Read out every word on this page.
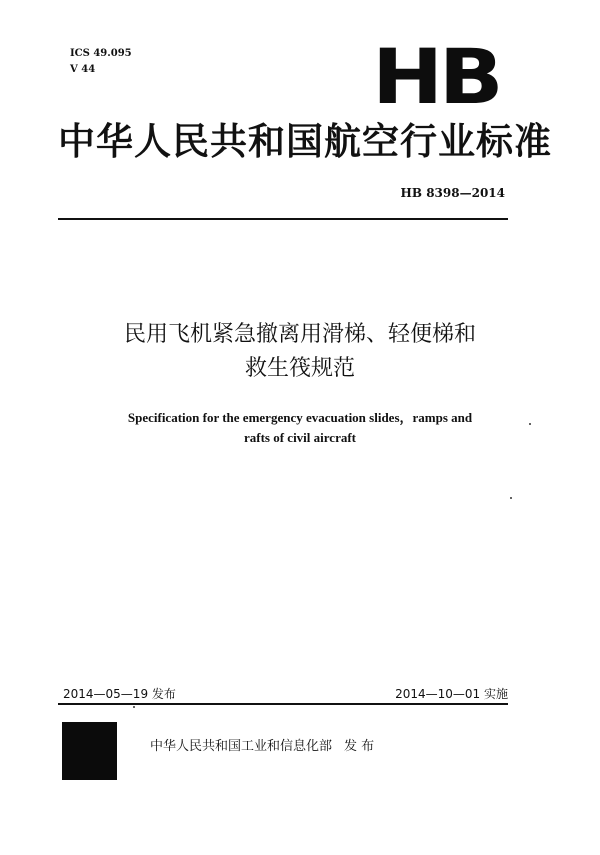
ICS 49.095
V 44	HB
中华人民共和国航空行业标准
HB 8398—2014
民用飞机紧急撤离用滑梯、轻便梯和
救生筏规范
Specification for the emergency evacuation slides，ramps and
rafts of civil aircraft
2014—05—19 发布	2014—10—01 实施
中华人民共和国工业和信息化部 发 布
